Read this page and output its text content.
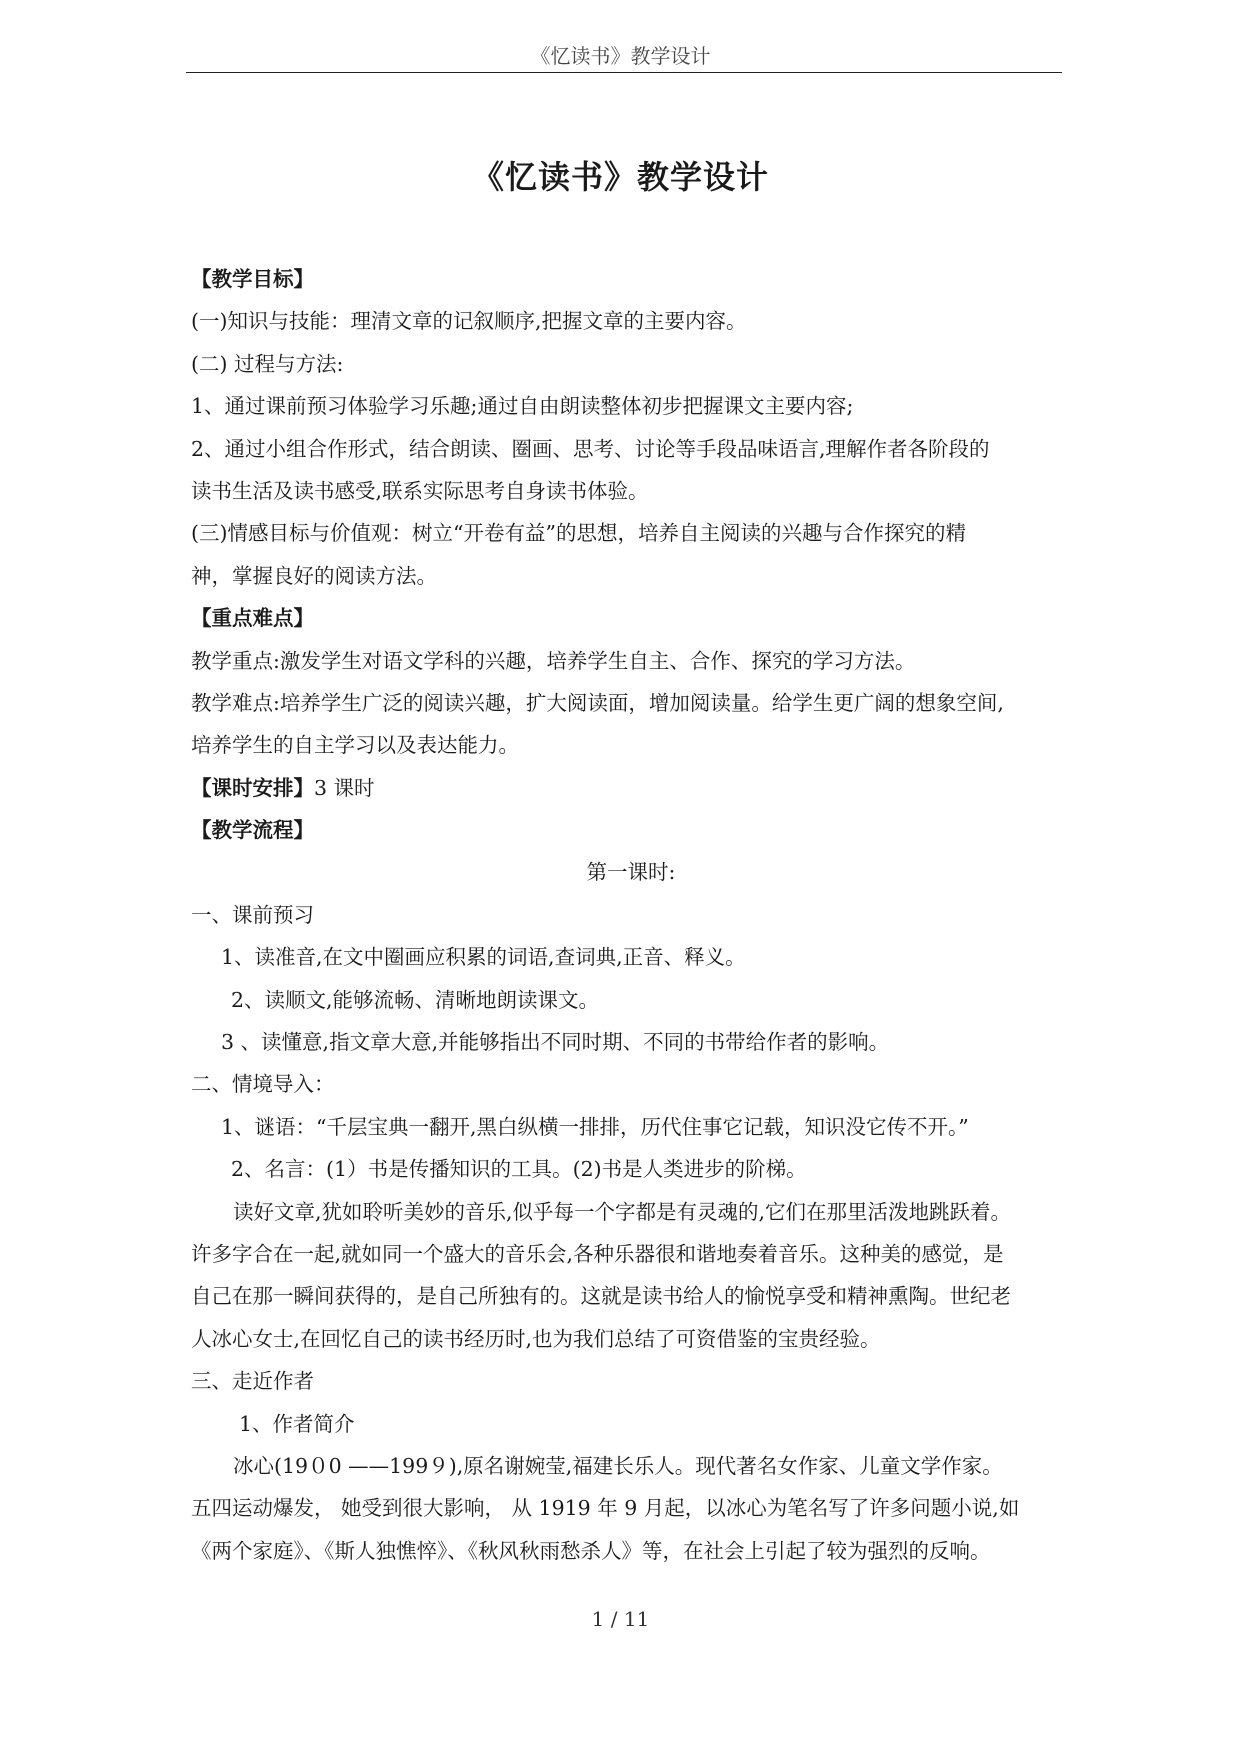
《忆读书》教学设计
《忆读书》教学设计
【教学目标】
(一)知识与技能：理清文章的记叙顺序,把握文章的主要内容。
(二) 过程与方法:
1、通过课前预习体验学习乐趣;通过自由朗读整体初步把握课文主要内容;
2、通过小组合作形式，结合朗读、圈画、思考、讨论等手段品味语言,理解作者各阶段的
读书生活及读书感受,联系实际思考自身读书体验。
(三)情感目标与价值观：树立“开卷有益”的思想，培养自主阅读的兴趣与合作探究的精
神，掌握良好的阅读方法。
【重点难点】
教学重点:激发学生对语文学科的兴趣，培养学生自主、合作、探究的学习方法。
教学难点:培养学生广泛的阅读兴趣，扩大阅读面，增加阅读量。给学生更广阔的想象空间,
培养学生的自主学习以及表达能力。
【课时安排】3 课时
【教学流程】
第一课时:
一、课前预习
1、读准音,在文中圈画应积累的词语,查词典,正音、释义。
2、读顺文,能够流畅、清晰地朗读课文。
3 、读懂意,指文章大意,并能够指出不同时期、不同的书带给作者的影响。
二、情境导入：
1、谜语：“千层宝典一翻开,黑白纵横一排排，历代住事它记载，知识没它传不开。”
2、名言：(1）书是传播知识的工具。(2)书是人类进步的阶梯。
读好文章,犹如聆听美妙的音乐,似乎每一个字都是有灵魂的,它们在那里活泼地跳跃着。
许多字合在一起,就如同一个盛大的音乐会,各种乐器很和谐地奏着音乐。这种美的感觉，是
自己在那一瞬间获得的，是自己所独有的。这就是读书给人的愉悦享受和精神熏陶。世纪老
人冰心女士,在回忆自己的读书经历时,也为我们总结了可资借鉴的宝贵经验。
三、走近作者
1、作者简介
冰心(19０0 ——199９),原名谢婉莹,福建长乐人。现代著名女作家、儿童文学作家。
五四运动爆发， 她受到很大影响， 从 1919 年 9 月起，以冰心为笔名写了许多问题小说,如
《两个家庭》、《斯人独憔悴》、《秋风秋雨愁杀人》等，在社会上引起了较为强烈的反响。
1 / 11
